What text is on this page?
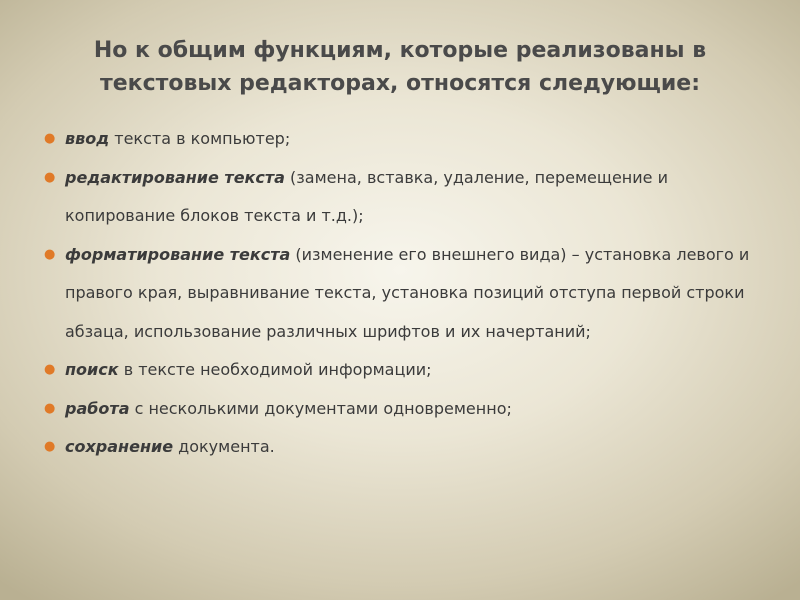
Но к общим функциям, которые реализованы в текстовых редакторах, относятся следующие:
● ввод текста в компьютер;
● редактирование текста (замена, вставка, удаление, перемещение и копирование блоков текста и т.д.);
● форматирование текста (изменение его внешнего вида) – установка левого и правого края, выравнивание текста, установка позиций отступа первой строки абзаца, использование различных шрифтов и их начертаний;
● поиск в тексте необходимой информации;
● работа с несколькими документами одновременно;
● сохранение документа.
